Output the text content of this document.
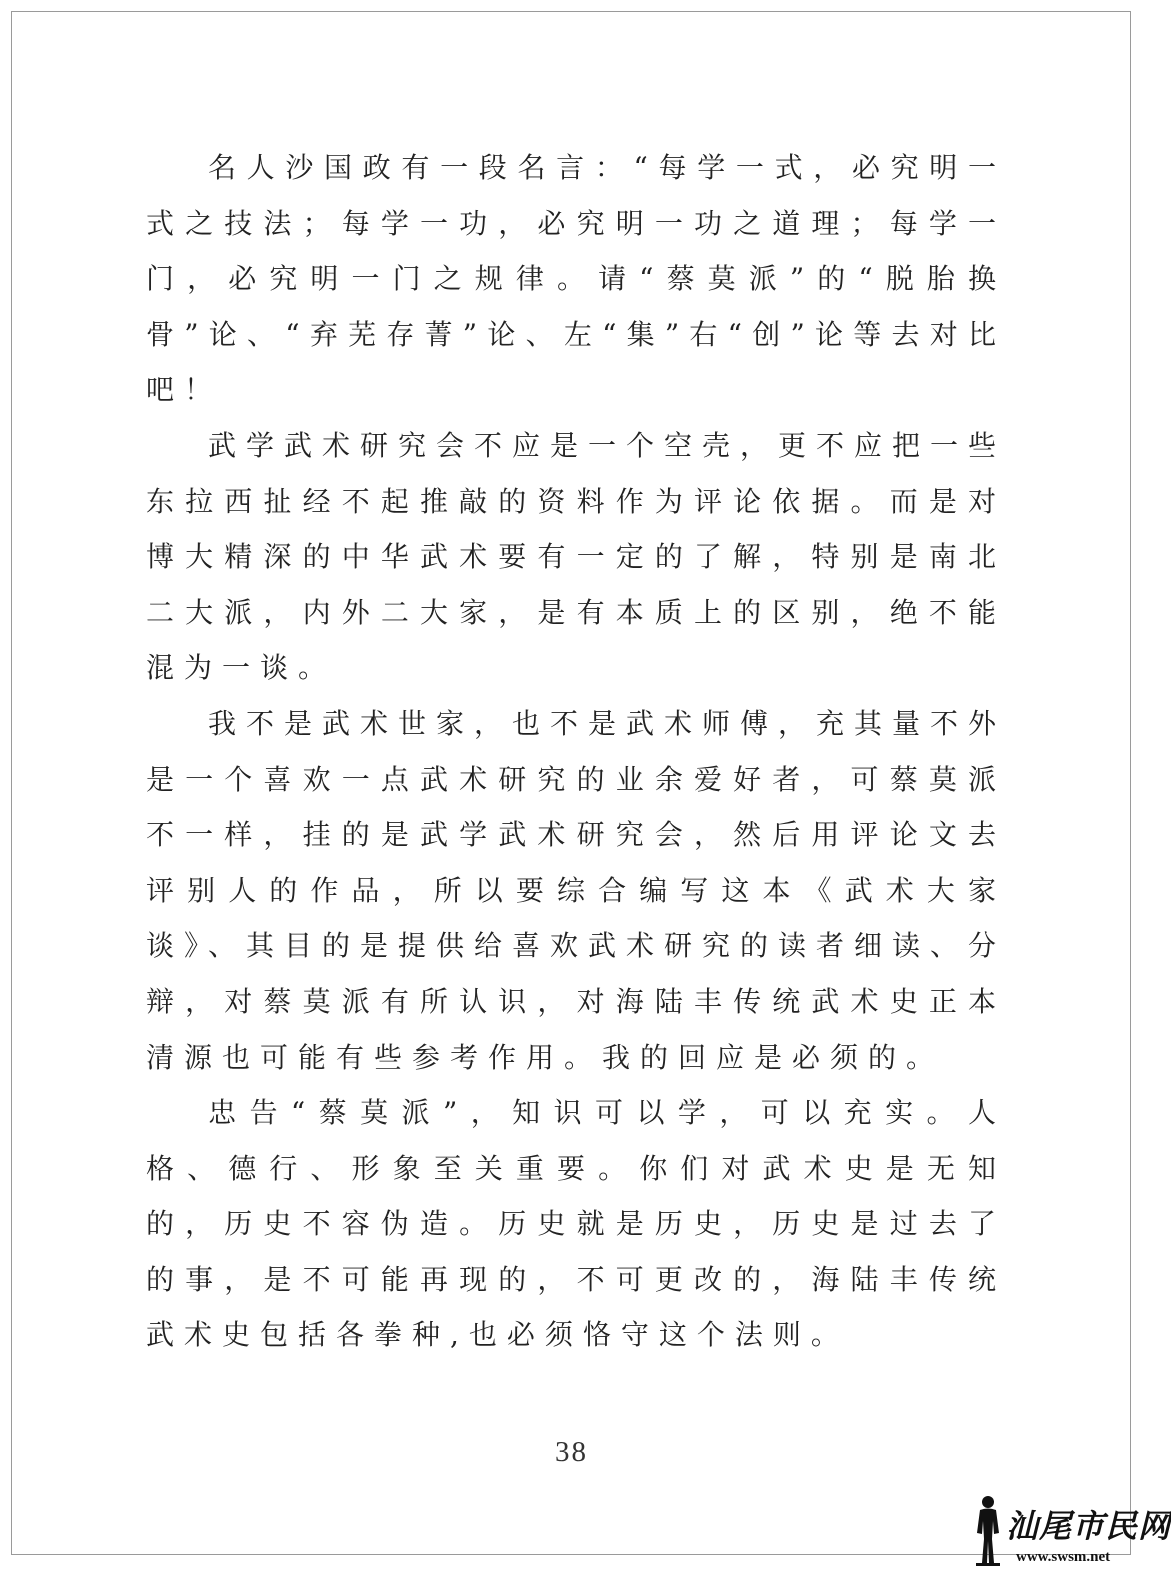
名人沙国政有一段名言：“每学一式，必究明一式之技法；每学一功，必究明一功之道理；每学一门，必究明一门之规律。请“蔡莫派”的“脱胎换骨”论、“弃芜存菁”论、左“集”右“创”论等去对比吧！

武学武术研究会不应是一个空壳，更不应把一些东拉西扯经不起推敲的资料作为评论依据。而是对博大精深的中华武术要有一定的了解，特别是南北二大派，内外二大家，是有本质上的区别，绝不能混为一谈。

我不是武术世家，也不是武术师傅，充其量不外是一个喜欢一点武术研究的业余爱好者，可蔡莫派不一样，挂的是武学武术研究会，然后用评论文去评别人的作品，所以要综合编写这本《武术大家谈》、其目的是提供给喜欢武术研究的读者细读、分辩，对蔡莫派有所认识，对海陆丰传统武术史正本清源也可能有些参考作用。我的回应是必须的。

忠告“蔡莫派”，知识可以学，可以充实。人格、德行、形象至关重要。你们对武术史是无知的，历史不容伪造。历史就是历史，历史是过去了的事，是不可能再现的，不可更改的，海陆丰传统武术史包括各拳种,也必须恪守这个法则。

38
汕尾市民网
www.swsm.net
